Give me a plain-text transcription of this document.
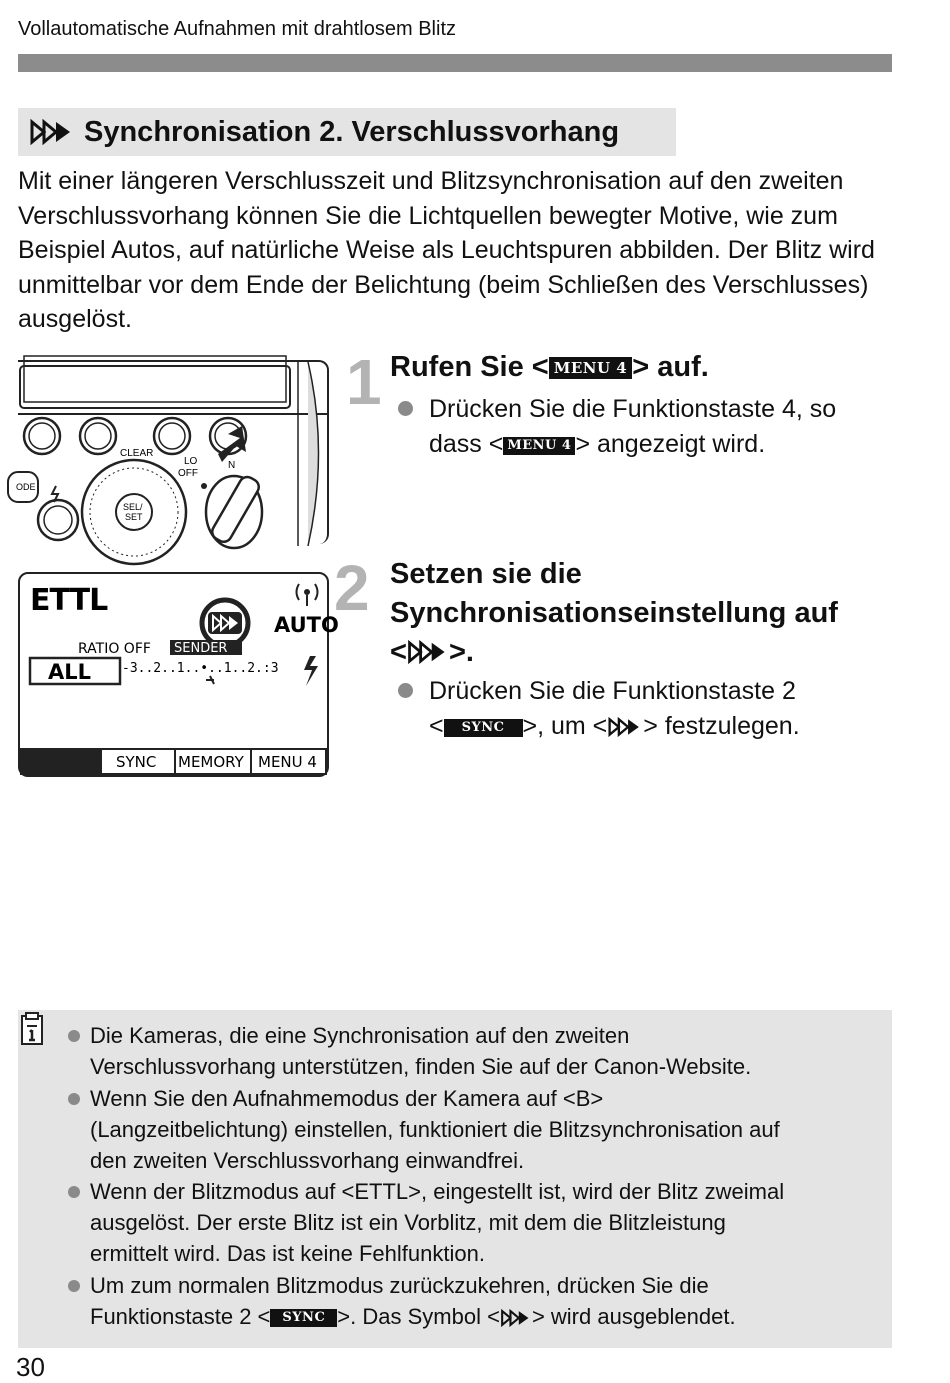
Vollautomatische Aufnahmen mit drahtlosem Blitz
Synchronisation 2. Verschlussvorhang
Mit einer längeren Verschlusszeit und Blitzsynchronisation auf den zweiten Verschlussvorhang können Sie die Lichtquellen bewegter Motive, wie zum Beispiel Autos, auf natürliche Weise als Leuchtspuren abbilden. Der Blitz wird unmittelbar vor dem Ende der Belichtung (beim Schließen des Verschlusses) ausgelöst.
CLEAR
LO	N
OFF
SEL/
SET
ODE
ETTL
AUTO
RATIO OFF SENDER
ALL -3..2..1..•..1..2.:3
SYNC MEMORY MENU 4
1 Rufen Sie < MENU 4 > auf.
Drücken Sie die Funktionstaste 4, so
dass < MENU 4 > angezeigt wird.
2 Setzen sie die
Synchronisationseinstellung auf
< >.
Drücken Sie die Funktionstaste 2
< SYNC >, um < > festzulegen.
Die Kameras, die eine Synchronisation auf den zweiten
Verschlussvorhang unterstützen, finden Sie auf der Canon-Website.
Wenn Sie den Aufnahmemodus der Kamera auf <B>
(Langzeitbelichtung) einstellen, funktioniert die Blitzsynchronisation auf
den zweiten Verschlussvorhang einwandfrei.
Wenn der Blitzmodus auf <ETTL>, eingestellt ist, wird der Blitz zweimal
ausgelöst. Der erste Blitz ist ein Vorblitz, mit dem die Blitzleistung
ermittelt wird. Das ist keine Fehlfunktion.
Um zum normalen Blitzmodus zurückzukehren, drücken Sie die
Funktionstaste 2 < SYNC >. Das Symbol < > wird ausgeblendet.
30
